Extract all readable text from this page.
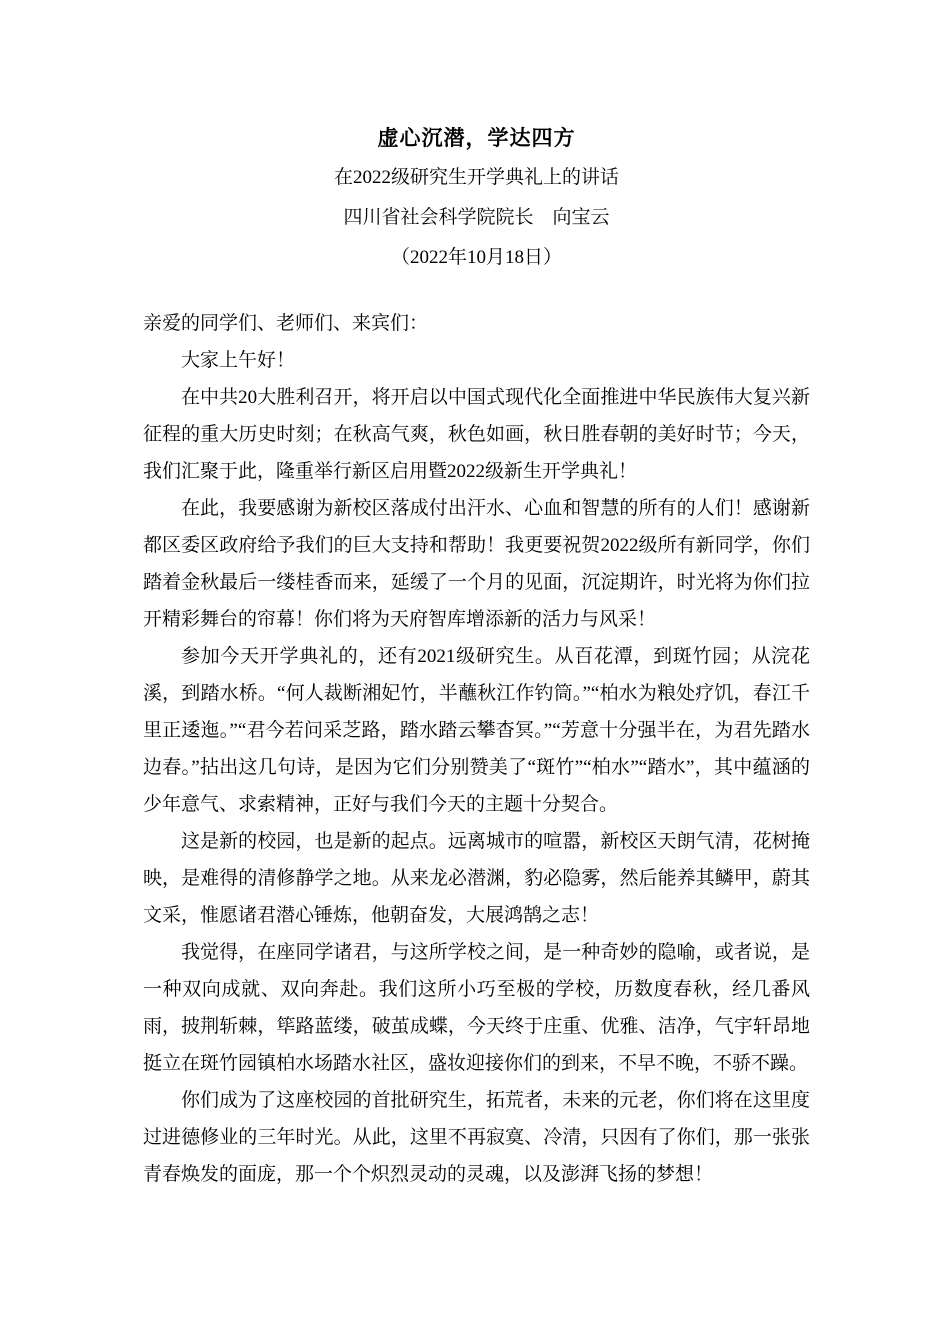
虚心沉潜，学达四方
在2022级研究生开学典礼上的讲话
四川省社会科学院院长　向宝云
（2022年10月18日）

亲爱的同学们、老师们、来宾们：

大家上午好！

在中共20大胜利召开，将开启以中国式现代化全面推进中华民族伟大复兴新征程的重大历史时刻；在秋高气爽，秋色如画，秋日胜春朝的美好时节；今天，我们汇聚于此，隆重举行新区启用暨2022级新生开学典礼！

在此，我要感谢为新校区落成付出汗水、心血和智慧的所有的人们！感谢新都区委区政府给予我们的巨大支持和帮助！我更要祝贺2022级所有新同学，你们踏着金秋最后一缕桂香而来，延缓了一个月的见面，沉淀期许，时光将为你们拉开精彩舞台的帘幕！你们将为天府智库增添新的活力与风采！

参加今天开学典礼的，还有2021级研究生。从百花潭，到斑竹园；从浣花溪，到踏水桥。“何人裁断湘妃竹，半蘸秋江作钓筒。”“柏水为粮处疗饥，春江千里正逶迤。”“君今若问采芝路，踏水踏云攀杳冥。”“芳意十分强半在，为君先踏水边春。”拈出这几句诗，是因为它们分别赞美了“斑竹”“柏水”“踏水”，其中蕴涵的少年意气、求索精神，正好与我们今天的主题十分契合。

这是新的校园，也是新的起点。远离城市的喧嚣，新校区天朗气清，花树掩映，是难得的清修静学之地。从来龙必潜渊，豹必隐雾，然后能养其鳞甲，蔚其文采，惟愿诸君潜心锤炼，他朝奋发，大展鸿鹄之志！

我觉得，在座同学诸君，与这所学校之间，是一种奇妙的隐喻，或者说，是一种双向成就、双向奔赴。我们这所小巧至极的学校，历数度春秋，经几番风雨，披荆斩棘，筚路蓝缕，破茧成蝶，今天终于庄重、优雅、洁净，气宇轩昂地挺立在斑竹园镇柏水场踏水社区，盛妆迎接你们的到来，不早不晚，不骄不躁。

你们成为了这座校园的首批研究生，拓荒者，未来的元老，你们将在这里度过进德修业的三年时光。从此，这里不再寂寞、冷清，只因有了你们，那一张张青春焕发的面庞，那一个个炽烈灵动的灵魂，以及澎湃飞扬的梦想！
